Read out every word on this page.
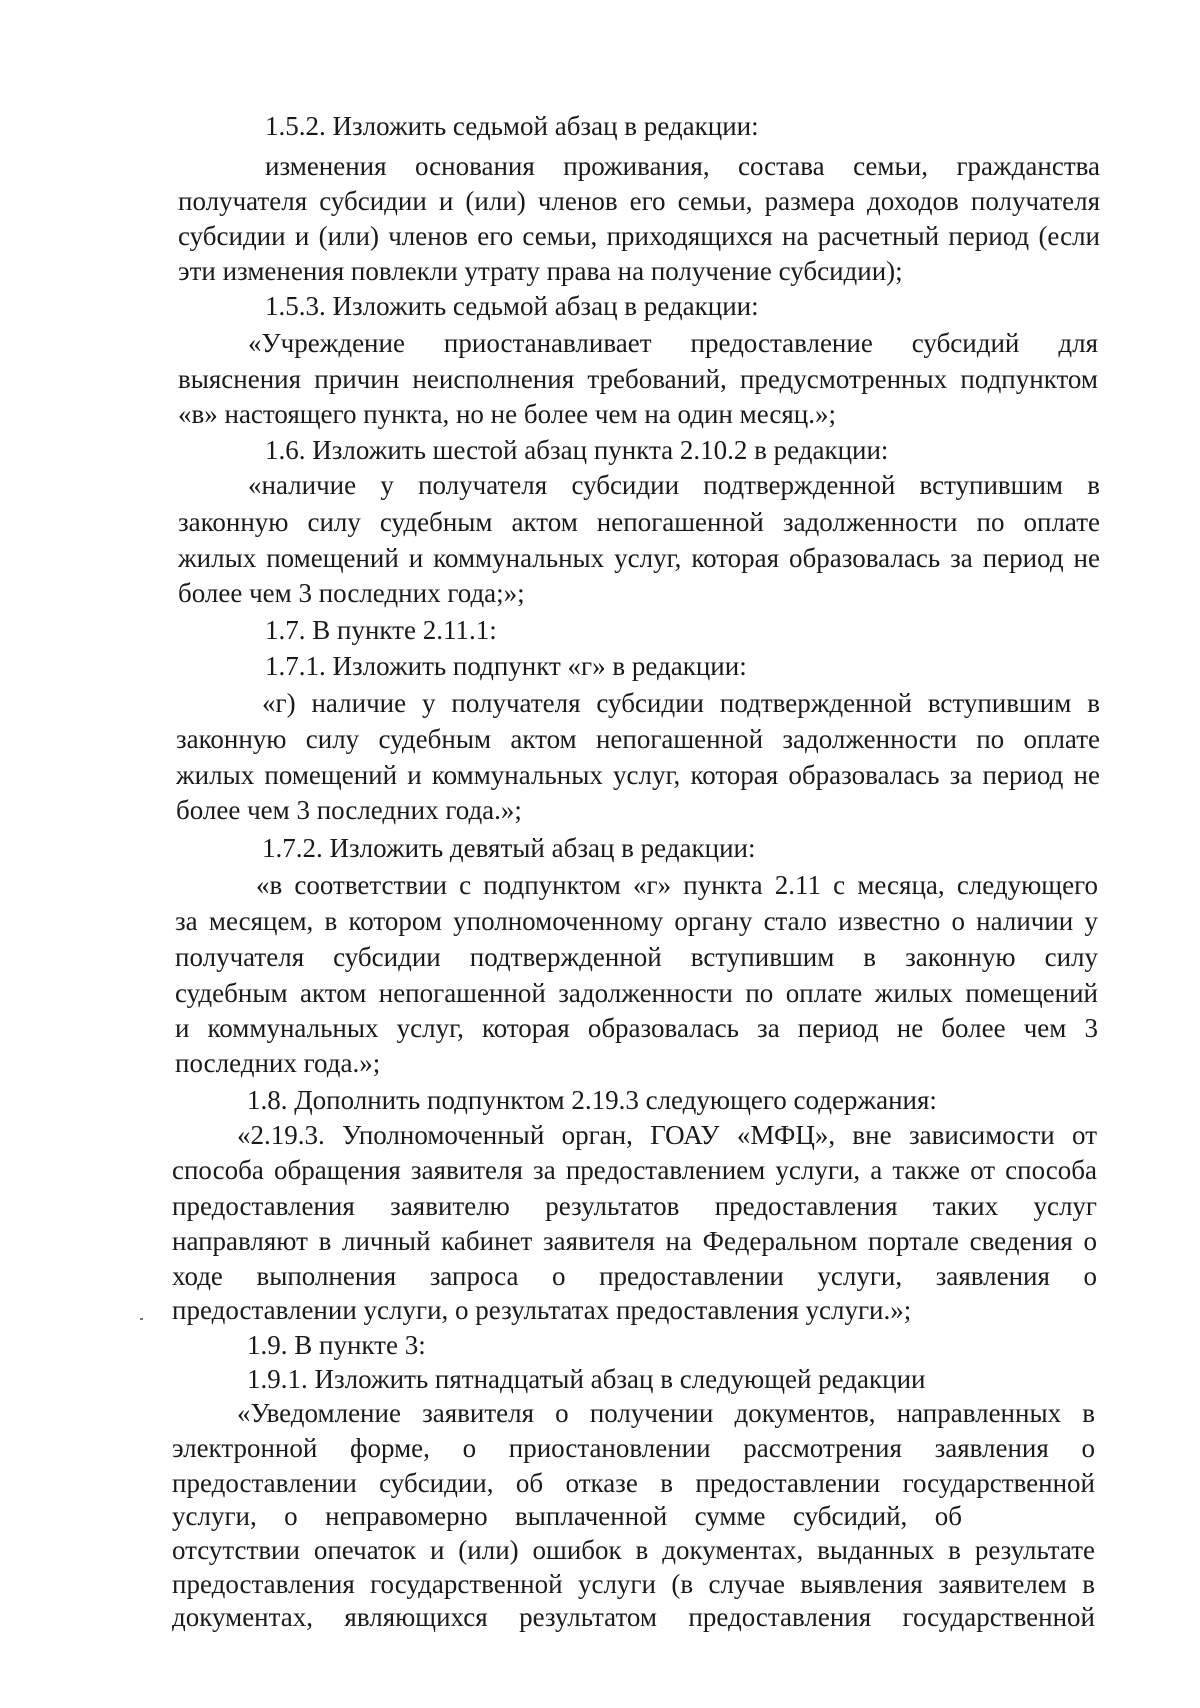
1.5.2. Изложить седьмой абзац в редакции:
изменения основания проживания, состава семьи, гражданства
получателя субсидии и (или) членов его семьи, размера доходов получателя
субсидии и (или) членов его семьи, приходящихся на расчетный период (если
эти изменения повлекли утрату права на получение субсидии);
1.5.3. Изложить седьмой абзац в редакции:
«Учреждение приостанавливает предоставление субсидий для
выяснения причин неисполнения требований, предусмотренных подпунктом
«в» настоящего пункта, но не более чем на один месяц.»;
1.6. Изложить шестой абзац пункта 2.10.2 в редакции:
«наличие у получателя субсидии подтвержденной вступившим в
законную силу судебным актом непогашенной задолженности по оплате
жилых помещений и коммунальных услуг, которая образовалась за период не
более чем 3 последних года;»;
1.7. В пункте 2.11.1:
1.7.1. Изложить подпункт «г» в редакции:
«г) наличие у получателя субсидии подтвержденной вступившим в
законную силу судебным актом непогашенной задолженности по оплате
жилых помещений и коммунальных услуг, которая образовалась за период не
более чем 3 последних года.»;
1.7.2. Изложить девятый абзац в редакции:
«в соответствии с подпунктом «г» пункта 2.11 с месяца, следующего
за месяцем, в котором уполномоченному органу стало известно о наличии у
получателя субсидии подтвержденной вступившим в законную силу
судебным актом непогашенной задолженности по оплате жилых помещений
и коммунальных услуг, которая образовалась за период не более чем 3
последних года.»;
1.8. Дополнить подпунктом 2.19.3 следующего содержания:
«2.19.3. Уполномоченный орган, ГОАУ «МФЦ», вне зависимости от
способа обращения заявителя за предоставлением услуги, а также от способа
предоставления заявителю результатов предоставления таких услуг
направляют в личный кабинет заявителя на Федеральном портале сведения о
ходе выполнения запроса о предоставлении услуги, заявления о
предоставлении услуги, о результатах предоставления услуги.»;
1.9. В пункте 3:
1.9.1. Изложить пятнадцатый абзац в следующей редакции
«Уведомление заявителя о получении документов, направленных в
электронной форме, о приостановлении рассмотрения заявления о
предоставлении субсидии, об отказе в предоставлении государственной
услуги, о неправомерно выплаченной сумме субсидий, об
отсутствии опечаток и (или) ошибок в документах, выданных в результате
предоставления государственной услуги (в случае выявления заявителем в
документах, являющихся результатом предоставления государственной
